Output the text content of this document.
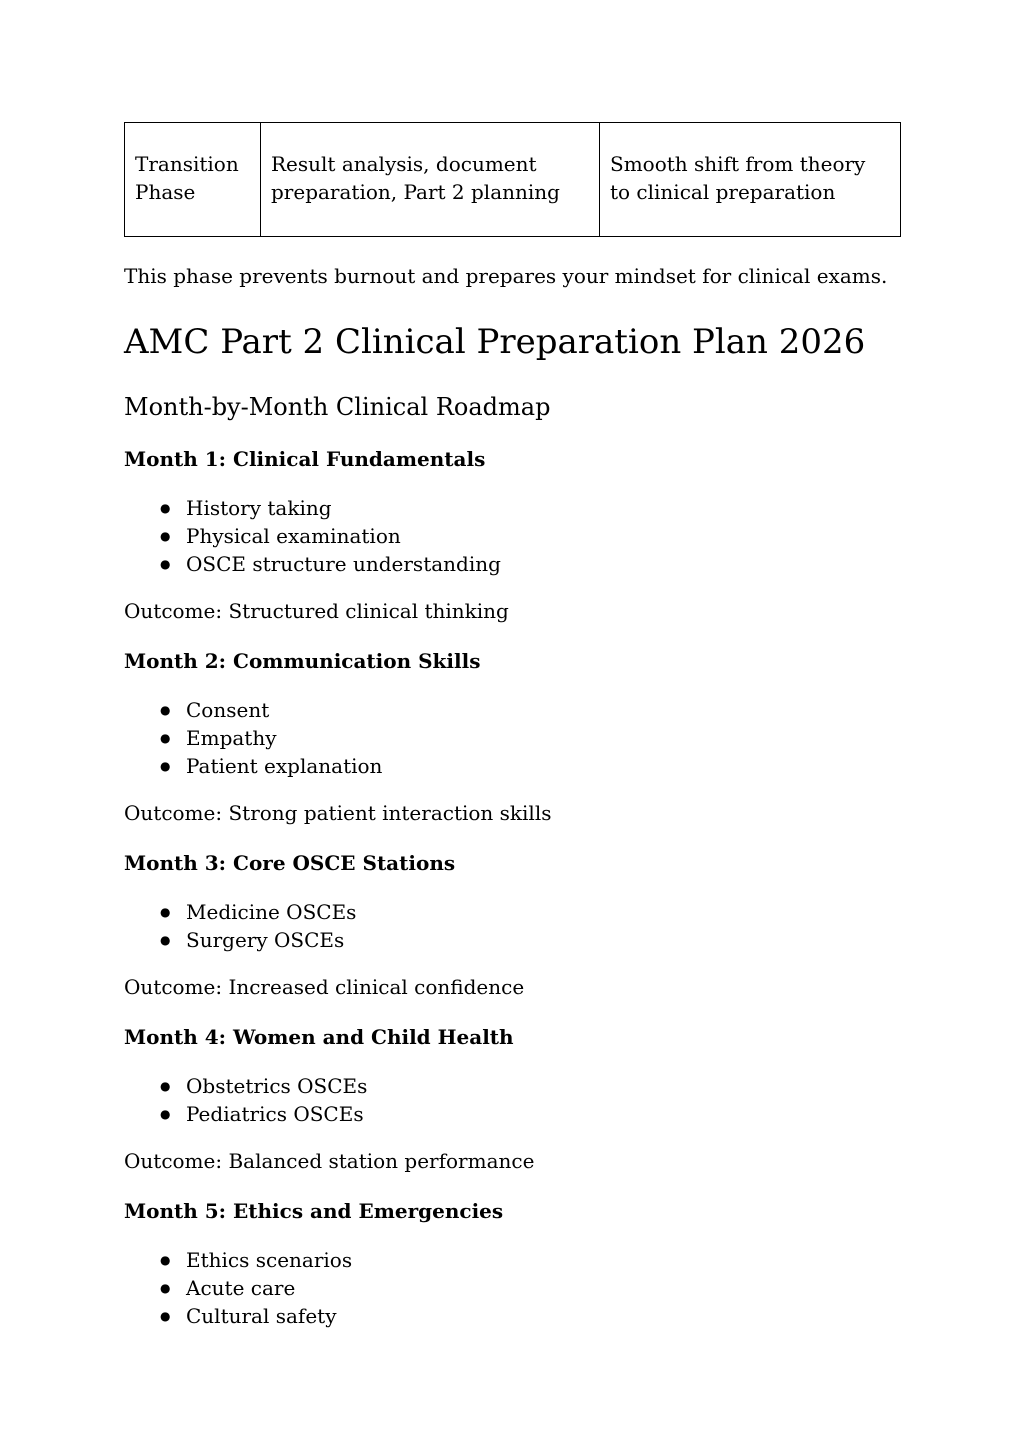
Transition Phase	Result analysis, document preparation, Part 2 planning	Smooth shift from theory to clinical preparation

This phase prevents burnout and prepares your mindset for clinical exams.

AMC Part 2 Clinical Preparation Plan 2026
Month-by-Month Clinical Roadmap
Month 1: Clinical Fundamentals
● History taking
● Physical examination
● OSCE structure understanding

Outcome: Structured clinical thinking

Month 2: Communication Skills
● Consent
● Empathy
● Patient explanation

Outcome: Strong patient interaction skills

Month 3: Core OSCE Stations
● Medicine OSCEs
● Surgery OSCEs

Outcome: Increased clinical confidence

Month 4: Women and Child Health
● Obstetrics OSCEs
● Pediatrics OSCEs

Outcome: Balanced station performance

Month 5: Ethics and Emergencies
● Ethics scenarios
● Acute care
● Cultural safety
